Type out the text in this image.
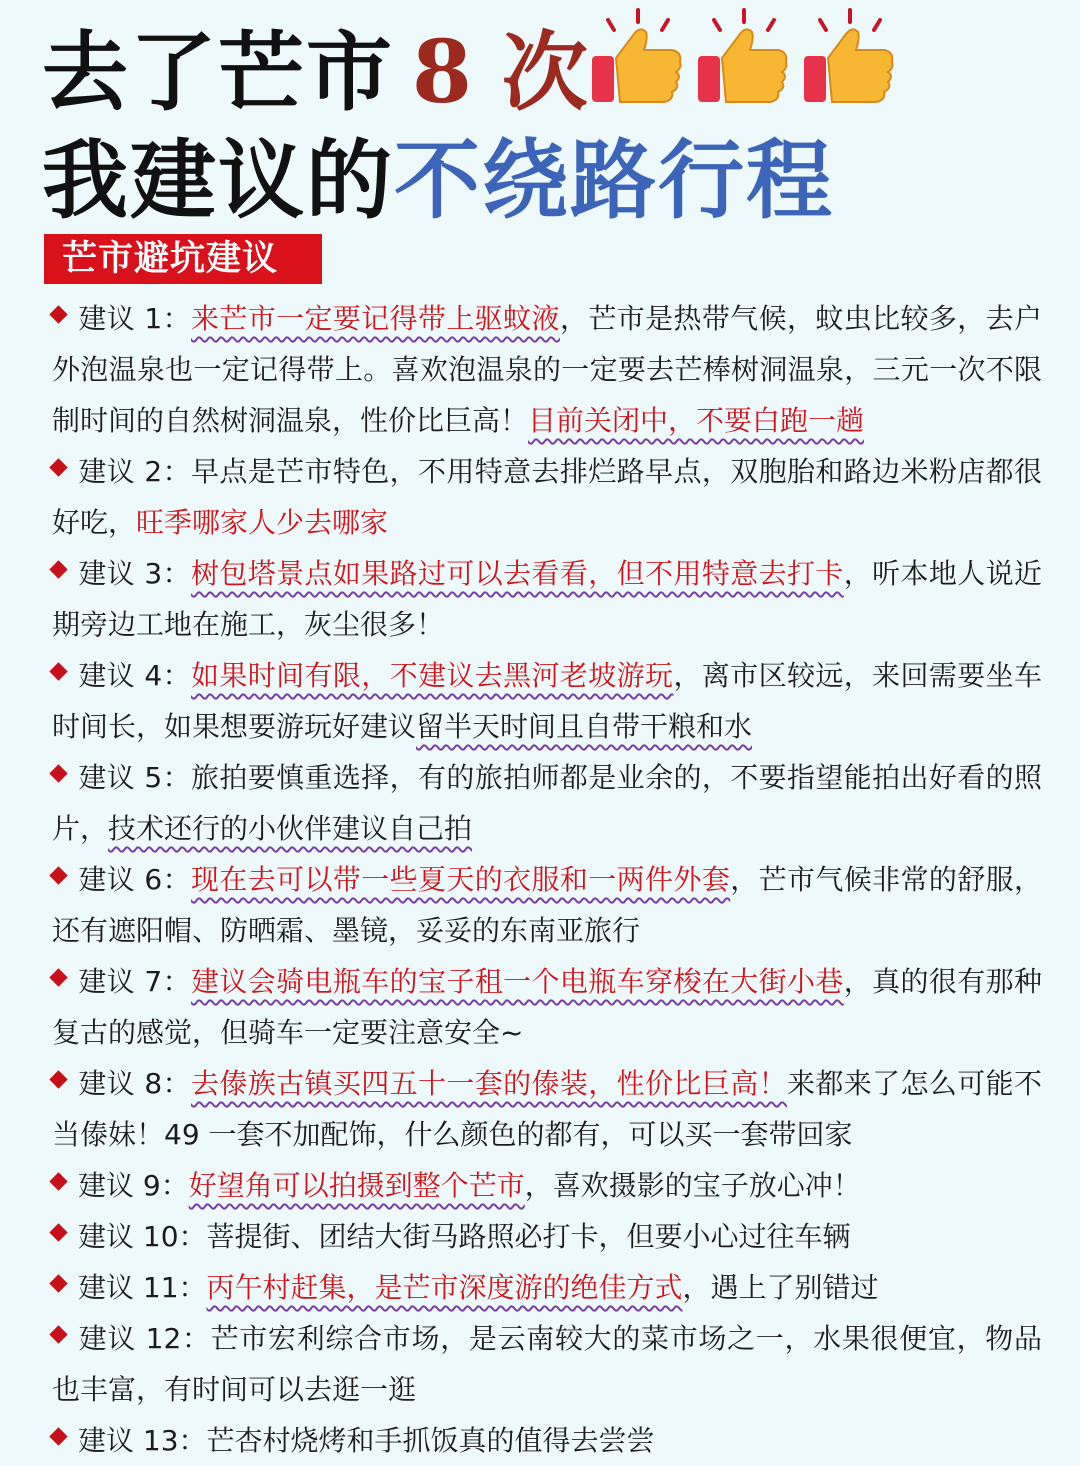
去了芒市 8 次
我建议的不绕路行程
芒市避坑建议

建议 1：来芒市一定要记得带上驱蚊液，芒市是热带气候，蚊虫比较多，去户外泡温泉也一定记得带上。喜欢泡温泉的一定要去芒棒树洞温泉，三元一次不限制时间的自然树洞温泉，性价比巨高！目前关闭中，不要白跑一趟

建议 2：早点是芒市特色，不用特意去排烂路早点，双胞胎和路边米粉店都很好吃，旺季哪家人少去哪家

建议 3：树包塔景点如果路过可以去看看，但不用特意去打卡，听本地人说近期旁边工地在施工，灰尘很多！

建议 4：如果时间有限，不建议去黑河老坡游玩，离市区较远，来回需要坐车时间长，如果想要游玩好建议留半天时间且自带干粮和水

建议 5：旅拍要慎重选择，有的旅拍师都是业余的，不要指望能拍出好看的照片，技术还行的小伙伴建议自己拍

建议 6：现在去可以带一些夏天的衣服和一两件外套，芒市气候非常的舒服，还有遮阳帽、防晒霜、墨镜，妥妥的东南亚旅行

建议 7：建议会骑电瓶车的宝子租一个电瓶车穿梭在大街小巷，真的很有那种复古的感觉，但骑车一定要注意安全~

建议 8：去傣族古镇买四五十一套的傣装，性价比巨高！来都来了怎么可能不当傣妹！49 一套不加配饰，什么颜色的都有，可以买一套带回家

建议 9：好望角可以拍摄到整个芒市，喜欢摄影的宝子放心冲！

建议 10：菩提街、团结大街马路照必打卡，但要小心过往车辆

建议 11：丙午村赶集，是芒市深度游的绝佳方式，遇上了别错过

建议 12：芒市宏利综合市场，是云南较大的菜市场之一，水果很便宜，物品也丰富，有时间可以去逛一逛

建议 13：芒杏村烧烤和手抓饭真的值得去尝尝
